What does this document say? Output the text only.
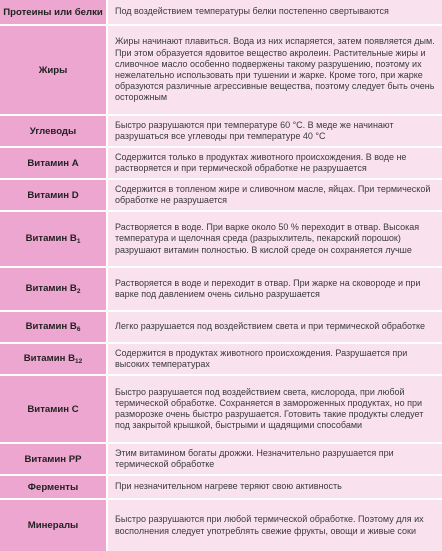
Протеины или белки Под воздействием температуры белки постепенно свертываются
Жиры
Жиры начинают плавиться. Вода из них испаряется, затем появляется дым. При этом образуется ядовитое вещество акролеин. Растительные жиры и сливочное масло особенно подвержены такому разрушению, поэтому их нежелательно использовать при тушении и жарке. Кроме того, при жарке образуются различные агрессивные вещества, поэтому следует быть очень осторожным
Углеводы
Быстро разрушаются при температуре 60 °С. В меде же начинают разрушаться все углеводы при температуре 40 °С
Витамин А
Содержится только в продуктах животного происхождения. В воде не растворяется и при термической обработке не разрушается
Витамин D
Содержится в топленом жире и сливочном масле, яйцах. При термической обработке не разрушается
Витамин $В_1$
Растворяется в воде. При варке около 50 % переходит в отвар. Высокая температура и щелочная среда (разрыхлитель, пекарский порошок) разрушают витамин полностью. В кислой среде он сохраняется лучше
Витамин $В_2$
Растворяется в воде и переходит в отвар. При жарке на сковороде и при варке под давлением очень сильно разрушается
Витамин $В_6$	Легко разрушается под воздействием света и при термической обработке
Витамин $В_{12}$
Содержится в продуктах животного происхождения. Разрушается при высоких температурах
Витамин С
Быстро разрушается под воздействием света, кислорода, при любой термической обработке. Сохраняется в замороженных продуктах, но при разморозке очень быстро разрушается. Готовить такие продукты следует под закрытой крышкой, быстрыми и щадящими способами
Витамин РР
Этим витамином богаты дрожжи. Незначительно разрушается при термической обработке
Ферменты	При незначительном нагреве теряют свою активность
Минералы
Быстро разрушаются при любой термической обработке. Поэтому для их восполнения следует употреблять свежие фрукты, овощи и живые соки
